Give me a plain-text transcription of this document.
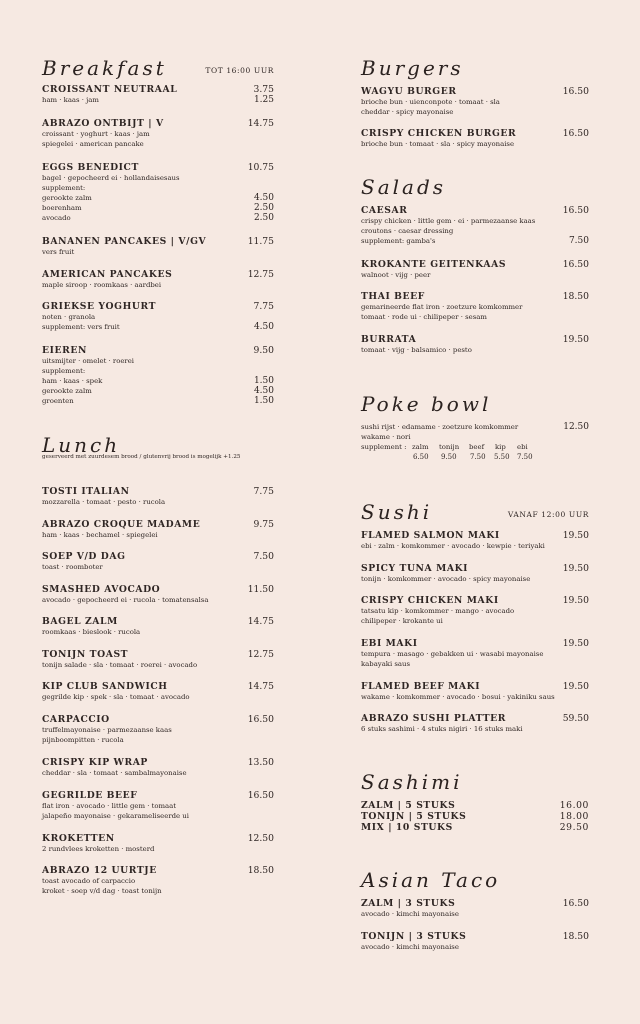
Breakfast	TOT 16:00 UUR
CROISSANT NEUTRAAL	3.75
ham · kaas · jam	1.25
ABRAZO ONTBIJT | V	14.75
croissant · yoghurt · kaas · jam
spiegelei · american pancake
EGGS BENEDICT	10.75
bagel · gepocheerd ei · hollandaisesaus
supplement:
gerookte zalm	4.50
boerenham	2.50
avocado	2.50
BANANEN PANCAKES | V/GV	11.75
vers fruit
AMERICAN PANCAKES	12.75
maple siroop · roomkaas · aardbei
GRIEKSE YOGHURT	7.75
noten · granola
supplement: vers fruit	4.50
EIEREN	9.50
uitsmijter · omelet · roerei
supplement:
ham · kaas · spek	1.50
gerookte zalm	4.50
groenten	1.50
Lunch
geserveerd met zuurdesem brood / glutenvrij brood is mogelijk +1.25
TOSTI ITALIAN	7.75
mozzarella · tomaat · pesto · rucola
ABRAZO CROQUE MADAME	9.75
ham · kaas · bechamel · spiegelei
SOEP V/D DAG	7.50
toast · roomboter
SMASHED AVOCADO	11.50
avocado · gepocheerd ei · rucola · tomatensalsa
BAGEL ZALM	14.75
roomkaas · bieslook · rucola
TONIJN TOAST	12.75
tonijn salade · sla · tomaat · roerei · avocado
KIP CLUB SANDWICH	14.75
gegrilde kip · spek · sla · tomaat · avocado
CARPACCIO	16.50
truffelmayonaise · parmezaanse kaas
pijnboompitten · rucola
CRISPY KIP WRAP	13.50
cheddar · sla · tomaat · sambalmayonaise
GEGRILDE BEEF	16.50
flat iron · avocado · little gem · tomaat
jalapeño mayonaise · gekarameliseerde ui
KROKETTEN	12.50
2 rundvlees kroketten · mosterd
ABRAZO 12 UURTJE	18.50
toast avocado of carpaccio
kroket · soep v/d dag · toast tonijn
Burgers
WAGYU BURGER	16.50
brioche bun · uienconpote · tomaat · sla
cheddar · spicy mayonaise
CRISPY CHICKEN BURGER	16.50
brioche bun · tomaat · sla · spicy mayonaise
Salads
CAESAR	16.50
crispy chicken · little gem · ei · parmezaanse kaas
croutons · caesar dressing
supplement: gamba's	7.50
KROKANTE GEITENKAAS	16.50
walnoot · vijg · peer
THAI BEEF	18.50
gemarineerde flat iron · zoetzure komkommer
tomaat · rode ui · chilipeper · sesam
BURRATA	19.50
tomaat · vijg · balsamico · pesto
Poke bowl
sushi rijst · edamame · zoetzure komkommer	12.50
wakame · nori
supplement : zalm tonijn beef kip ebi
6.50 9.50 7.50 5.50 7.50
Sushi	VANAF 12:00 UUR
FLAMED SALMON MAKI	19.50
ebi · zalm · komkommer · avocado · kewpie · teriyaki
SPICY TUNA MAKI	19.50
tonijn · komkommer · avocado · spicy mayonaise
CRISPY CHICKEN MAKI	19.50
tatsatu kip · komkommer · mango · avocado
chilipeper · krokante ui
EBI MAKI	19.50
tempura · masago · gebakken ui · wasabi mayonaise
kabayaki saus
FLAMED BEEF MAKI	19.50
wakame · komkommer · avocado · bosui · yakiniku saus
ABRAZO SUSHI PLATTER	59.50
6 stuks sashimi · 4 stuks nigiri · 16 stuks maki
Sashimi
ZALM | 5 STUKS	16.00
TONIJN | 5 STUKS	18.00
MIX | 10 STUKS	29.50
Asian Taco
ZALM | 3 STUKS	16.50
avocado · kimchi mayonaise
TONIJN | 3 STUKS	18.50
avocado · kimchi mayonaise
